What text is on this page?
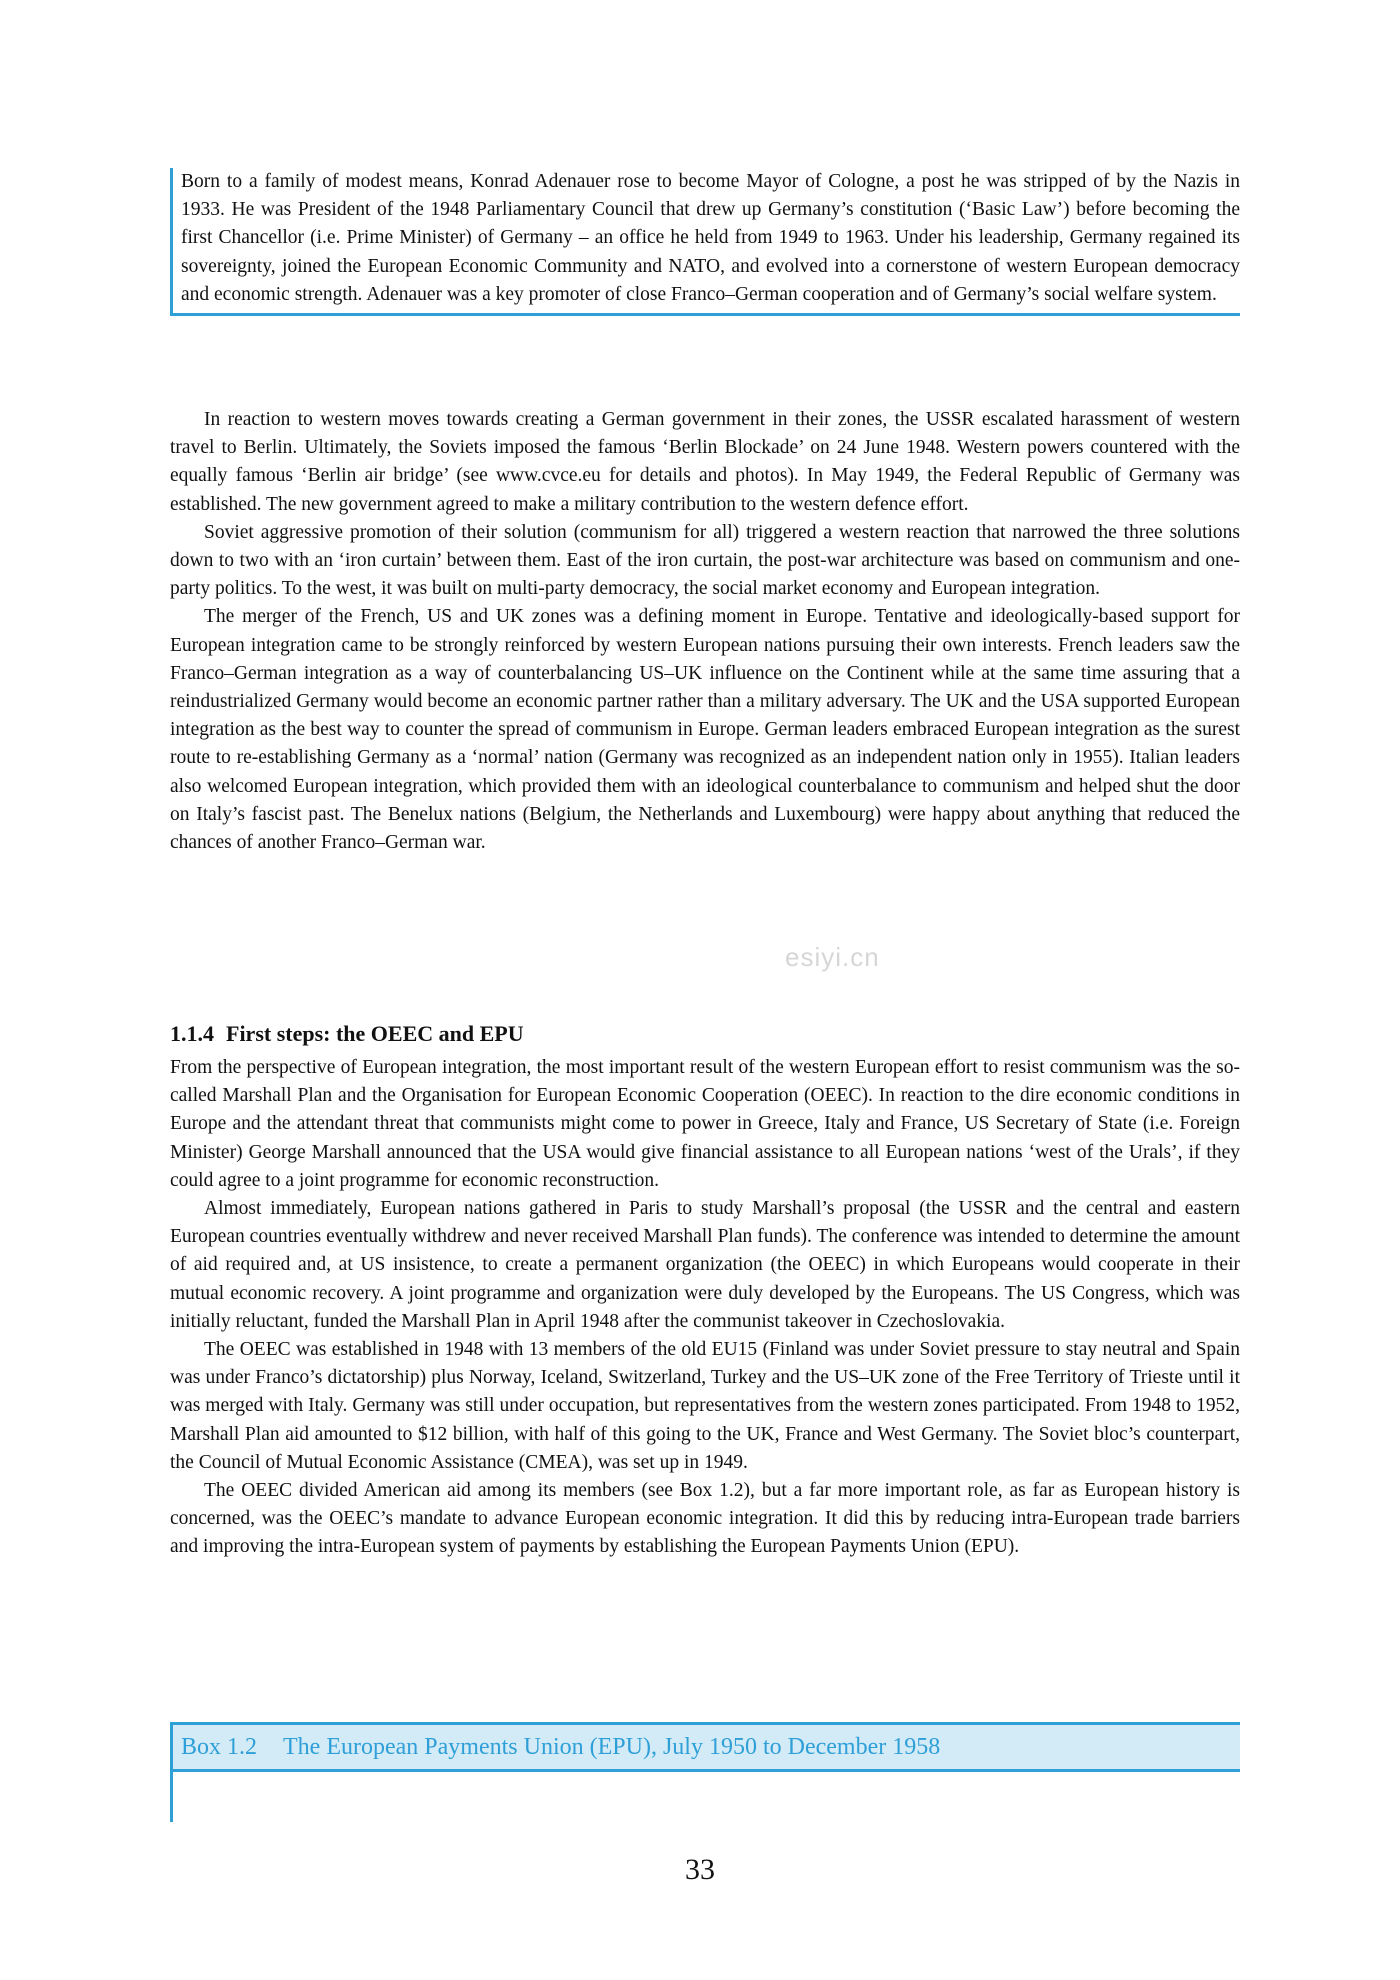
Born to a family of modest means, Konrad Adenauer rose to become Mayor of Cologne, a post he was stripped of by the Nazis in 1933. He was President of the 1948 Parliamentary Council that drew up Germany’s constitution (‘Basic Law’) before becoming the first Chancellor (i.e. Prime Minister) of Germany – an office he held from 1949 to 1963. Under his leadership, Germany regained its sovereignty, joined the European Economic Community and NATO, and evolved into a cornerstone of western European democracy and economic strength. Adenauer was a key promoter of close Franco–German cooperation and of Germany’s social welfare system.

In reaction to western moves towards creating a German government in their zones, the USSR escalated harassment of western travel to Berlin. Ultimately, the Soviets imposed the famous ‘Berlin Blockade’ on 24 June 1948. Western powers countered with the equally famous ‘Berlin air bridge’ (see www.cvce.eu for details and photos). In May 1949, the Federal Republic of Germany was established. The new government agreed to make a military contribution to the western defence effort.

Soviet aggressive promotion of their solution (communism for all) triggered a western reaction that narrowed the three solutions down to two with an ‘iron curtain’ between them. East of the iron curtain, the post-war architecture was based on communism and one-party politics. To the west, it was built on multi-party democracy, the social market economy and European integration.

The merger of the French, US and UK zones was a defining moment in Europe. Tentative and ideologically-based support for European integration came to be strongly reinforced by western European nations pursuing their own interests. French leaders saw the Franco–German integration as a way of counterbalancing US–UK influence on the Continent while at the same time assuring that a reindustrialized Germany would become an economic partner rather than a military adversary. The UK and the USA supported European integration as the best way to counter the spread of communism in Europe. German leaders embraced European integration as the surest route to re-establishing Germany as a ‘normal’ nation (Germany was recognized as an independent nation only in 1955). Italian leaders also welcomed European integration, which provided them with an ideological counterbalance to communism and helped shut the door on Italy’s fascist past. The Benelux nations (Belgium, the Netherlands and Luxembourg) were happy about anything that reduced the chances of another Franco–German war.

1.1.4 First steps: the OEEC and EPU

From the perspective of European integration, the most important result of the western European effort to resist communism was the so-called Marshall Plan and the Organisation for European Economic Cooperation (OEEC). In reaction to the dire economic conditions in Europe and the attendant threat that communists might come to power in Greece, Italy and France, US Secretary of State (i.e. Foreign Minister) George Marshall announced that the USA would give financial assistance to all European nations ‘west of the Urals’, if they could agree to a joint programme for economic reconstruction.

Almost immediately, European nations gathered in Paris to study Marshall’s proposal (the USSR and the central and eastern European countries eventually withdrew and never received Marshall Plan funds). The conference was intended to determine the amount of aid required and, at US insistence, to create a permanent organization (the OEEC) in which Europeans would cooperate in their mutual economic recovery. A joint programme and organization were duly developed by the Europeans. The US Congress, which was initially reluctant, funded the Marshall Plan in April 1948 after the communist takeover in Czechoslovakia.

The OEEC was established in 1948 with 13 members of the old EU15 (Finland was under Soviet pressure to stay neutral and Spain was under Franco’s dictatorship) plus Norway, Iceland, Switzerland, Turkey and the US–UK zone of the Free Territory of Trieste until it was merged with Italy. Germany was still under occupation, but representatives from the western zones participated. From 1948 to 1952, Marshall Plan aid amounted to $12 billion, with half of this going to the UK, France and West Germany. The Soviet bloc’s counterpart, the Council of Mutual Economic Assistance (CMEA), was set up in 1949.

The OEEC divided American aid among its members (see Box 1.2), but a far more important role, as far as European history is concerned, was the OEEC’s mandate to advance European economic integration. It did this by reducing intra-European trade barriers and improving the intra-European system of payments by establishing the European Payments Union (EPU).

esiyi.cn
Box 1.2 The European Payments Union (EPU), July 1950 to December 1958
33
